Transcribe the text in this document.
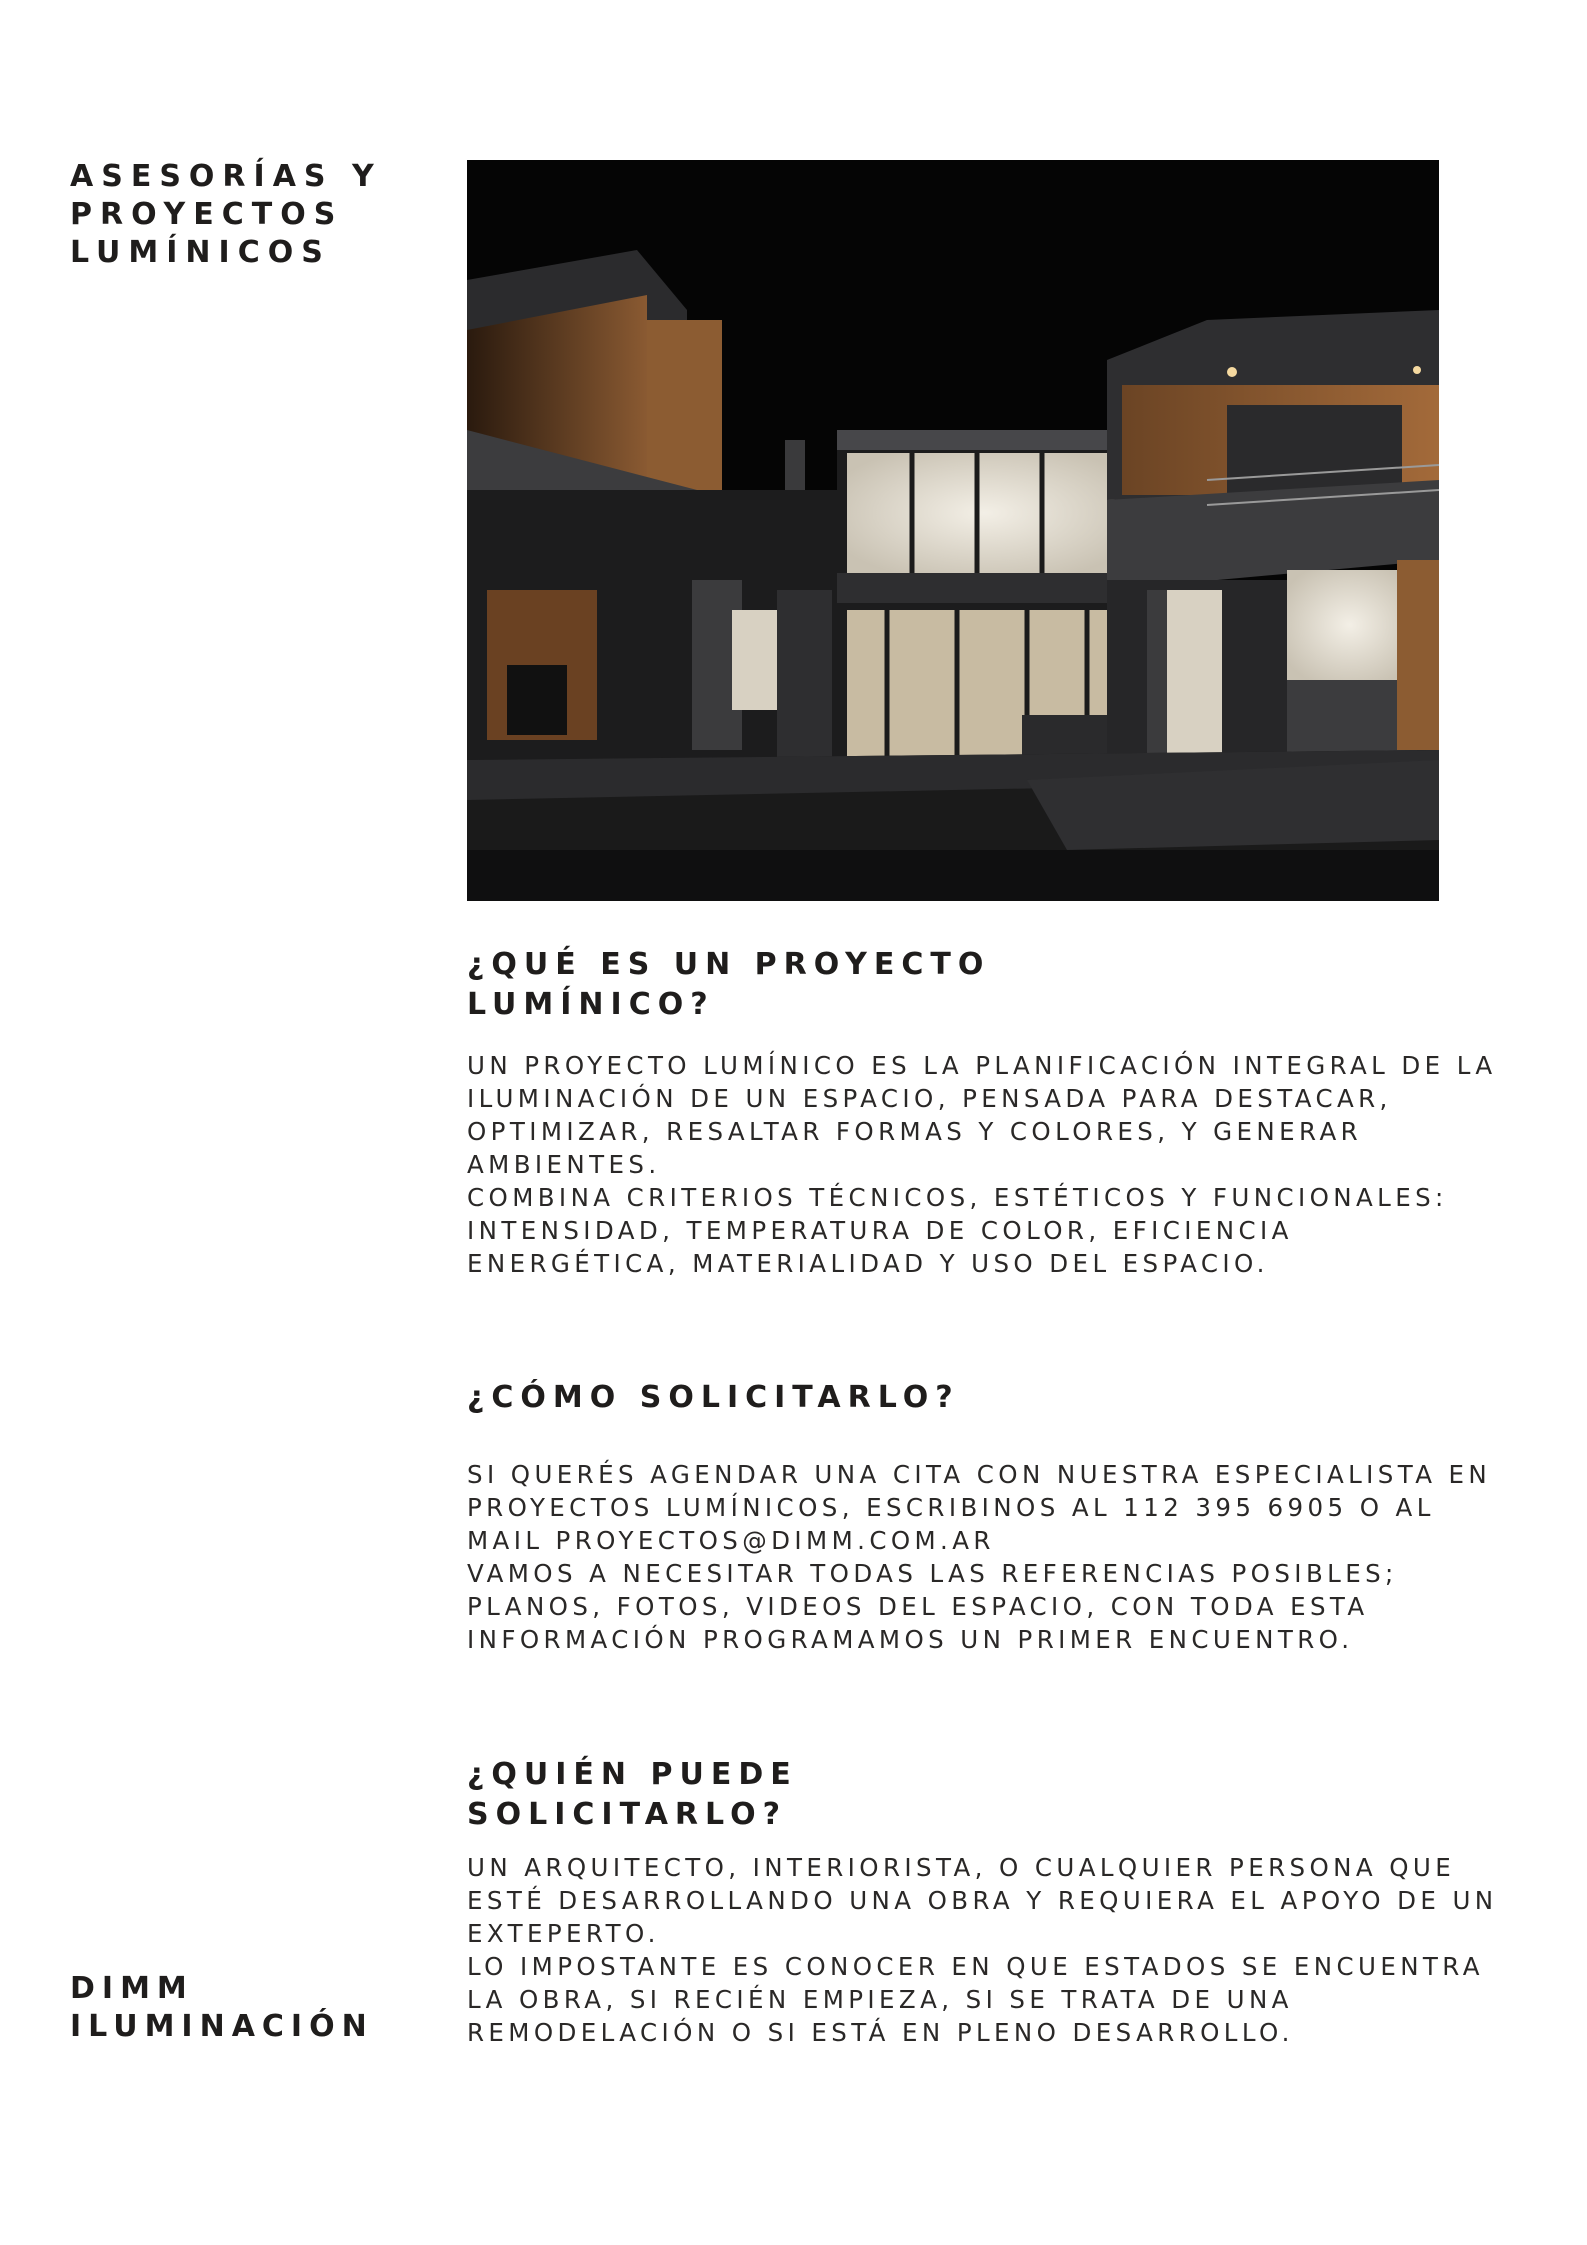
ASESORÍAS Y
PROYECTOS
LUMÍNICOS
¿QUÉ ES UN PROYECTO
LUMÍNICO?

UN PROYECTO LUMÍNICO ES LA PLANIFICACIÓN INTEGRAL DE LA
ILUMINACIÓN DE UN ESPACIO, PENSADA PARA DESTACAR,
OPTIMIZAR, RESALTAR FORMAS Y COLORES, Y GENERAR
AMBIENTES.
COMBINA CRITERIOS TÉCNICOS, ESTÉTICOS Y FUNCIONALES:
INTENSIDAD, TEMPERATURA DE COLOR, EFICIENCIA
ENERGÉTICA, MATERIALIDAD Y USO DEL ESPACIO.

¿CÓMO SOLICITARLO?

SI QUERÉS AGENDAR UNA CITA CON NUESTRA ESPECIALISTA EN
PROYECTOS LUMÍNICOS, ESCRIBINOS AL 112 395 6905 O AL
MAIL PROYECTOS@DIMM.COM.AR
VAMOS A NECESITAR TODAS LAS REFERENCIAS POSIBLES;
PLANOS, FOTOS, VIDEOS DEL ESPACIO, CON TODA ESTA
INFORMACIÓN PROGRAMAMOS UN PRIMER ENCUENTRO.

¿QUIÉN PUEDE
SOLICITARLO?

UN ARQUITECTO, INTERIORISTA, O CUALQUIER PERSONA QUE
ESTÉ DESARROLLANDO UNA OBRA Y REQUIERA EL APOYO DE UN
EXTEPERTO.
LO IMPOSTANTE ES CONOCER EN QUE ESTADOS SE ENCUENTRA
LA OBRA, SI RECIÉN EMPIEZA, SI SE TRATA DE UNA
REMODELACIÓN O SI ESTÁ EN PLENO DESARROLLO.

DIMM
ILUMINACIÓN
